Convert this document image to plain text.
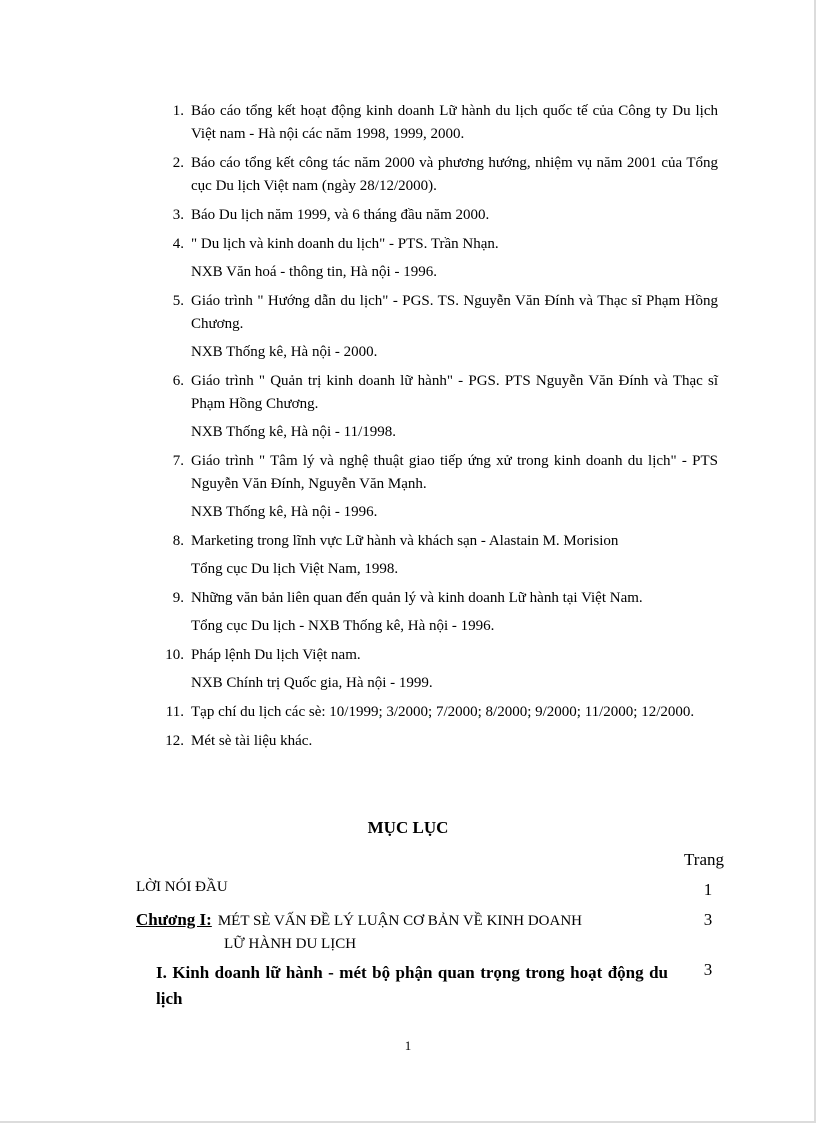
1. Báo cáo tổng kết hoạt động kinh doanh Lữ hành du lịch quốc tế của Công ty Du lịch Việt nam - Hà nội các năm 1998, 1999, 2000.
2. Báo cáo tổng kết công tác năm 2000 và phương hướng, nhiệm vụ năm 2001 của Tổng cục Du lịch Việt nam (ngày 28/12/2000).
3. Báo Du lịch năm 1999, và 6 tháng đầu năm 2000.
4. " Du lịch và kinh doanh du lịch" - PTS. Trần Nhạn.
NXB Văn hoá - thông tin, Hà nội - 1996.
5. Giáo trình " Hướng dẫn du lịch" - PGS. TS. Nguyễn Văn Đính và Thạc sĩ Phạm Hồng Chương.
NXB Thống kê, Hà nội - 2000.
6. Giáo trình " Quản trị kinh doanh lữ hành" - PGS. PTS Nguyễn Văn Đính và Thạc sĩ Phạm Hồng Chương.
NXB Thống kê, Hà nội - 11/1998.
7. Giáo trình " Tâm lý và nghệ thuật giao tiếp ứng xử trong kinh doanh du lịch" - PTS Nguyễn Văn Đính, Nguyễn Văn Mạnh.
NXB Thống kê, Hà nội - 1996.
8. Marketing trong lĩnh vực Lữ hành và khách sạn - Alastain M. Morision
Tổng cục Du lịch Việt Nam, 1998.
9. Những văn bản liên quan đến quản lý và kinh doanh Lữ hành tại Việt Nam.
Tổng cục Du lịch - NXB Thống kê, Hà nội - 1996.
10. Pháp lệnh Du lịch Việt nam.
NXB Chính trị Quốc gia, Hà nội - 1999.
11. Tạp chí du lịch các sè: 10/1999; 3/2000; 7/2000; 8/2000; 9/2000; 11/2000; 12/2000.
12. Mét sè tài liệu khác.
MỤC LỤC
Trang
LỜI NÓI ĐẦU	1
Chương I: MÉT SÈ VẤN ĐỀ LÝ LUẬN CƠ BẢN VỀ KINH DOANH
LỮ HÀNH DU LỊCH
3
I. Kinh doanh lữ hành - mét bộ phận quan trọng trong hoạt động du lịch
3
1
